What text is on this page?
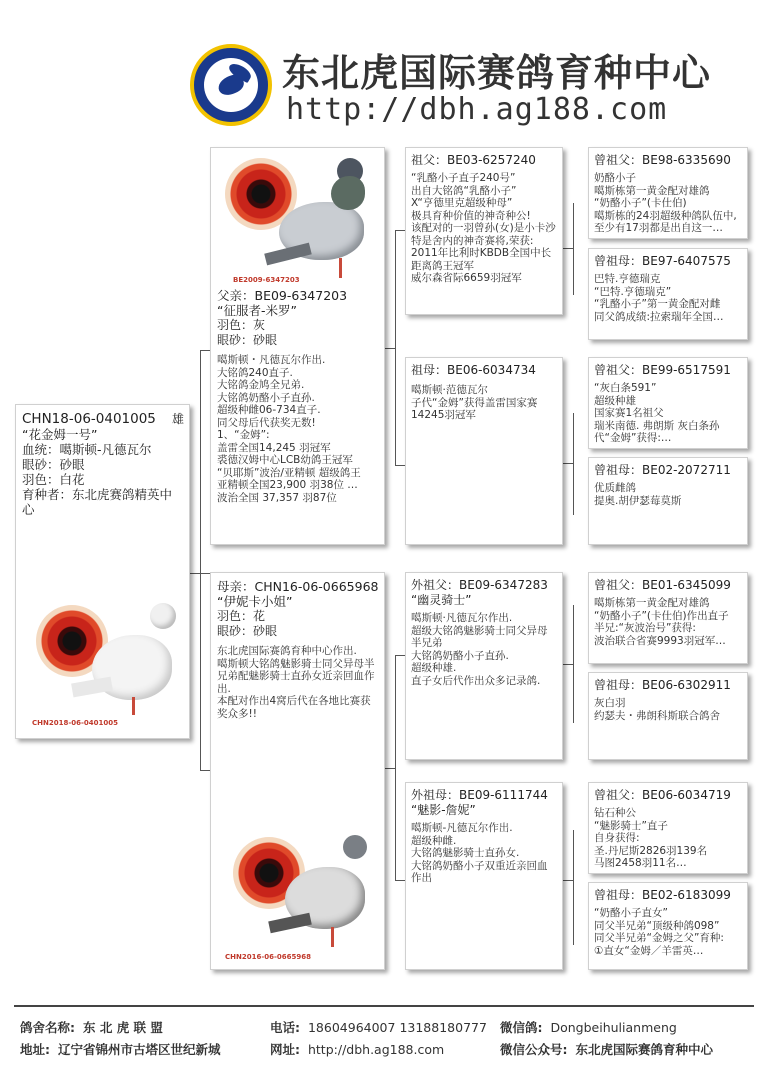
东北虎国际赛鸽育种中心
http://dbh.ag188.com
CHN18-06-0401005 雄
“花金姆一号”
血统：噶斯顿-凡德瓦尔
眼砂：砂眼
羽色：白花
育种者：东北虎赛鸽精英中心
CHN2018-06-0401005
BE2009-6347203
父亲：BE09-6347203
“征服者-米罗”
羽色：灰
眼砂：砂眼
噶斯顿・凡德瓦尔作出.
大铭鸽240直子.
大铭鸽金鸠全兄弟.
大铭鸽奶酪小子直孙.
超级种雌06-734直子.
同父母后代获奖无数!
1、“金姆”:
盖雷全国14,245 羽冠军
裘德汉姆中心LCB幼鸽王冠军
“贝耶斯”波治/亚精顿 超级鸽王
亚精顿全国23,900 羽38位 …
波治全国 37,357 羽87位
母亲：CHN16-06-0665968
“伊妮卡小姐”
羽色：花
眼砂：砂眼
东北虎国际赛鸽育种中心作出.
噶斯顿大铭鸽魅影骑士同父异母半兄弟配魅影骑士直孙女近亲回血作出.
本配对作出4窝后代在各地比赛获奖众多!!
CHN2016-06-0665968
祖父：BE03-6257240
“乳酪小子直子240号”
出自大铭鸽“乳酪小子”
X“亨德里克超级种母”
极具育种价值的神奇种公!
该配对的一羽曾孙(女)是小卡沙特是舍内的神奇赛将,荣获:
2011年比利时KBDB全国中长距离鸽王冠军
威尔森省际6659羽冠军
祖母：BE06-6034734
噶斯顿·范德瓦尔
子代“金姆”获得盖雷国家赛14245羽冠军
外祖父：BE09-6347283
“幽灵骑士”
噶斯顿·凡德瓦尔作出.
超级大铭鸽魅影骑士同父异母半兄弟
大铭鸽奶酪小子直孙.
超级种雄.
直子女后代作出众多记录鸽.
外祖母：BE09-6111744
“魅影-詹妮”
噶斯顿-凡德瓦尔作出.
超级种雌.
大铭鸽魅影骑士直孙女.
大铭鸽奶酪小子双重近亲回血作出
曾祖父：BE98-6335690
奶酪小子
噶斯栋第一黄金配对雄鸽
“奶酪小子”(卡仕伯)
噶斯栋的24羽超级种鸽队伍中,至少有17羽都是出自这一…
曾祖母：BE97-6407575
巴特.亨德瑞克
“巴特.亨德瑞克”
“乳酪小子”第一黄金配对雌
同父鸽成绩:拉索瑞年全国…
曾祖父：BE99-6517591
“灰白条591”
超级种雄
国家赛1名祖父
瑞米南德. 弗朗斯 灰白条孙代“金姆”获得:…
曾祖母：BE02-2072711
优质雌鸽
提奥.胡伊瑟莓莫斯
曾祖父：BE01-6345099
噶斯栋第一黄金配对雄鸽
“奶酪小子”(卡仕伯)作出直子
半兄:“灰波治号”获得:
波治联合省赛9993羽冠军…
曾祖母：BE06-6302911
灰白羽
约瑟夫・弗朗科斯联合鸽舍
曾祖父：BE06-6034719
钻石种公
“魅影骑士”直子
自身获得:
圣.丹尼斯2826羽139名
马图2458羽11名…
曾祖母：BE02-6183099
“奶酪小子直女”
同父半兄弟“顶级种鸽098”
同父半兄弟“金姆之父”育种:
①直女“金姆／羊雷英…
鸽舍名称: 东 北 虎 联 盟	电话: 18604964007 13188180777 微信鸽: Dongbeihulianmeng
地址: 辽宁省锦州市古塔区世纪新城	网址: http://dbh.ag188.com	微信公众号: 东北虎国际赛鸽育种中心
